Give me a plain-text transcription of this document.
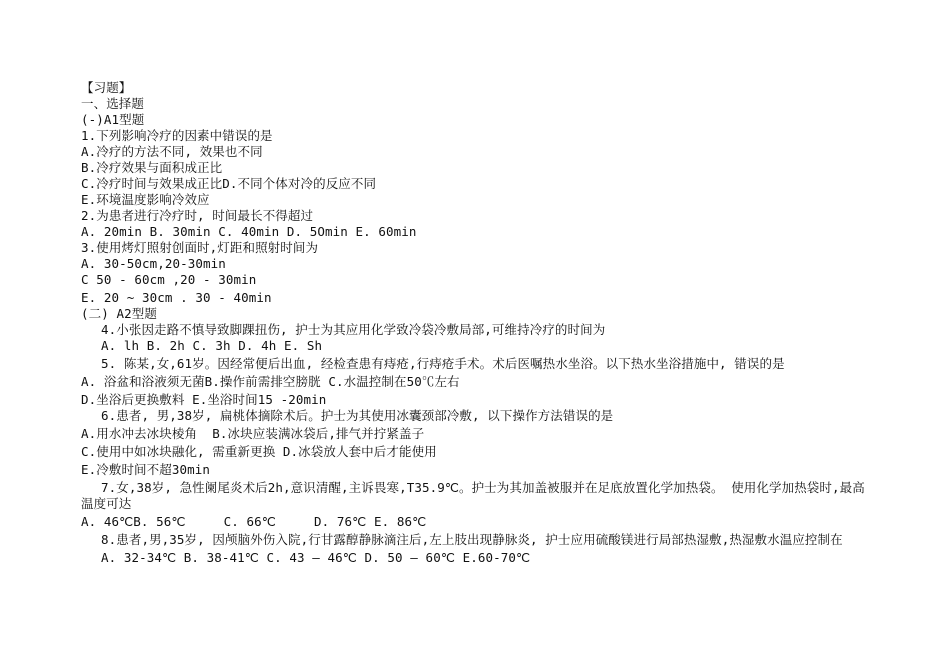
【习题】
一、选择题
(-)A1型题
1.下列影响冷疗的因素中错误的是
A.冷疗的方法不同, 效果也不同
B.冷疗效果与面积成正比
C.冷疗时间与效果成正比D.不同个体对冷的反应不同
E.环境温度影响冷效应
2.为患者进行冷疗时, 时间最长不得超过
A. 20min B. 30min C. 40min D. 5Omin E. 60min
3.使用烤灯照射创面时,灯距和照射时间为
A. 30-50cm,20-30min
C 50 - 60cm ,20 - 30min
E. 20 ~ 30cm . 30 - 40min
(二) A2型题
4.小张因走路不慎导致脚踝扭伤, 护士为其应用化学致冷袋冷敷局部,可维持冷疗的时间为
A. lh B. 2h C. 3h D. 4h E. Sh
5. 陈某,女,61岁。因经常便后出血, 经检查患有痔疮,行痔疮手术。术后医嘱热水坐浴。以下热水坐浴措施中, 错误的是
A. 浴盆和浴液须无菌B.操作前需排空膀胱 C.水温控制在50℃左右
D.坐浴后更换敷料 E.坐浴时间15 -20min
6.患者, 男,38岁, 扁桃体摘除术后。护士为其使用冰囊颈部冷敷, 以下操作方法错误的是
A.用水冲去冰块棱角  B.冰块应装满冰袋后,排气并拧紧盖子
C.使用中如冰块融化, 需重新更换 D.冰袋放人套中后才能使用
E.冷敷时间不超30min
7.女,38岁, 急性阑尾炎术后2h,意识清醒,主诉畏寒,T35.9℃。护士为其加盖被服并在足底放置化学加热袋。 使用化学加热袋时,最高温度可达
A. 46℃B. 56℃     C. 66℃     D. 76℃ E. 86℃
8.患者,男,35岁, 因颅脑外伤入院,行甘露醇静脉滴注后,左上肢出现静脉炎, 护士应用硫酸镁进行局部热湿敷,热湿敷水温应控制在
A. 32-34℃ B. 38-41℃ C. 43 – 46℃ D. 50 – 60℃ E.60-70℃
